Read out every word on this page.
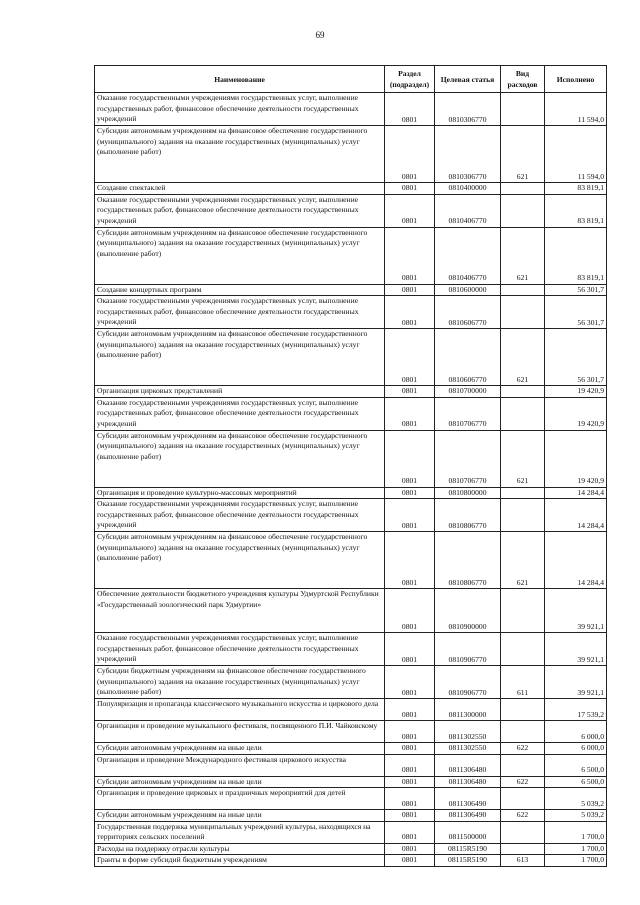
69
Наименование	Раздел (подраздел)	Целевая статья	Вид расходов	Исполнено
Оказание государственными учреждениями государственных услуг, выполнение государственных работ, финансовое обеспечение деятельности государственных учреждений	0801	0810306770		11 594,0
Субсидии автономным учреждениям на финансовое обеспечение государственного (муниципального) задания на оказание государственных (муниципальных) услуг (выполнение работ)	0801	0810306770	621	11 594,0
Создание спектаклей	0801	0810400000		83 819,1
Оказание государственными учреждениями государственных услуг, выполнение государственных работ, финансовое обеспечение деятельности государственных учреждений	0801	0810406770		83 819,1
Субсидии автономным учреждениям на финансовое обеспечение государственного (муниципального) задания на оказание государственных (муниципальных) услуг (выполнение работ)	0801	0810406770	621	83 819,1
Создание концертных программ	0801	0810600000		56 301,7
Оказание государственными учреждениями государственных услуг, выполнение государственных работ, финансовое обеспечение деятельности государственных учреждений	0801	0810606770		56 301,7
Субсидии автономным учреждениям на финансовое обеспечение государственного (муниципального) задания на оказание государственных (муниципальных) услуг (выполнение работ)	0801	0810606770	621	56 301,7
Организация цирковых представлений	0801	0810700000		19 420,9
Оказание государственными учреждениями государственных услуг, выполнение государственных работ, финансовое обеспечение деятельности государственных учреждений	0801	0810706770		19 420,9
Субсидии автономным учреждениям на финансовое обеспечение государственного (муниципального) задания на оказание государственных (муниципальных) услуг (выполнение работ)	0801	0810706770	621	19 420,9
Организация и проведение культурно-массовых мероприятий	0801	0810800000		14 284,4
Оказание государственными учреждениями государственных услуг, выполнение государственных работ, финансовое обеспечение деятельности государственных учреждений	0801	0810806770		14 284,4
Субсидии автономным учреждениям на финансовое обеспечение государственного (муниципального) задания на оказание государственных (муниципальных) услуг (выполнение работ)	0801	0810806770	621	14 284,4
Обеспечение деятельности бюджетного учреждения культуры Удмуртской Республики «Государственный зоологический парк Удмуртии»	0801	0810900000		39 921,1
Оказание государственными учреждениями государственных услуг, выполнение государственных работ, финансовое обеспечение деятельности государственных учреждений	0801	0810906770		39 921,1
Субсидии бюджетным учреждениям на финансовое обеспечение государственного (муниципального) задания на оказание государственных (муниципальных) услуг (выполнение работ)	0801	0810906770	611	39 921,1
Популяризация и пропаганда классического музыкального искусства и циркового дела	0801	0811300000		17 539,2
Организация и проведение музыкального фестиваля, посвященного П.И. Чайковскому	0801	0811302550		6 000,0
Субсидии автономным учреждениям на иные цели	0801	0811302550	622	6 000,0
Организация и проведение Международного фестиваля циркового искусства	0801	0811306480		6 500,0
Субсидии автономным учреждениям на иные цели	0801	0811306480	622	6 500,0
Организация и проведение цирковых и праздничных мероприятий для детей	0801	0811306490		5 039,2
Субсидии автономным учреждениям на иные цели	0801	0811306490	622	5 039,2
Государственная поддержка муниципальных учреждений культуры, находящихся на территориях сельских поселений	0801	0811500000		1 700,0
Расходы на поддержку отрасли культуры	0801	08115R5190		1 700,0
Гранты в форме субсидий бюджетным учреждениям	0801	08115R5190	613	1 700,0
